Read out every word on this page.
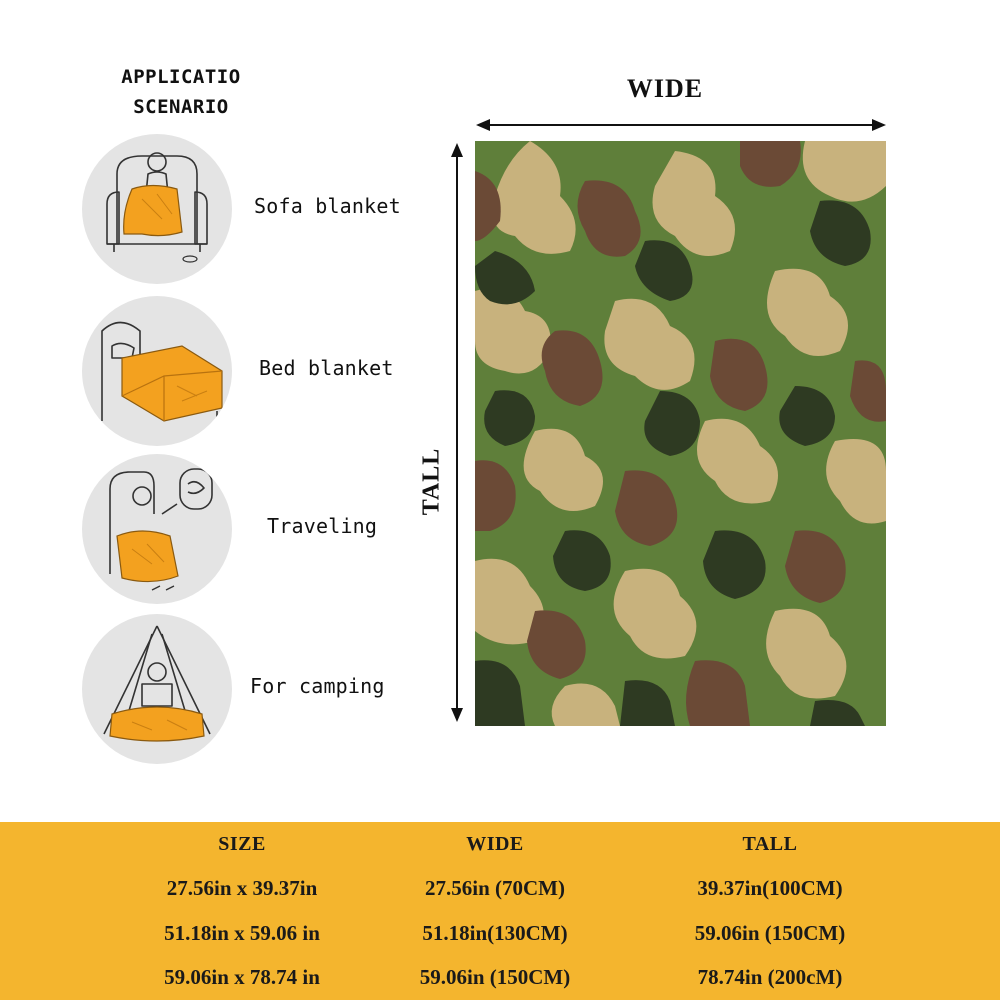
APPLICATIO
SCENARIO
Sofa blanket
Bed blanket
Traveling
For camping
WIDE
TALL
SIZE
27.56in x 39.37in
51.18in x 59.06 in
59.06in x 78.74 in
WIDE
27.56in (70CM)
51.18in(130CM)
59.06in (150CM)
TALL
39.37in(100CM)
59.06in (150CM)
78.74in (200cM)
